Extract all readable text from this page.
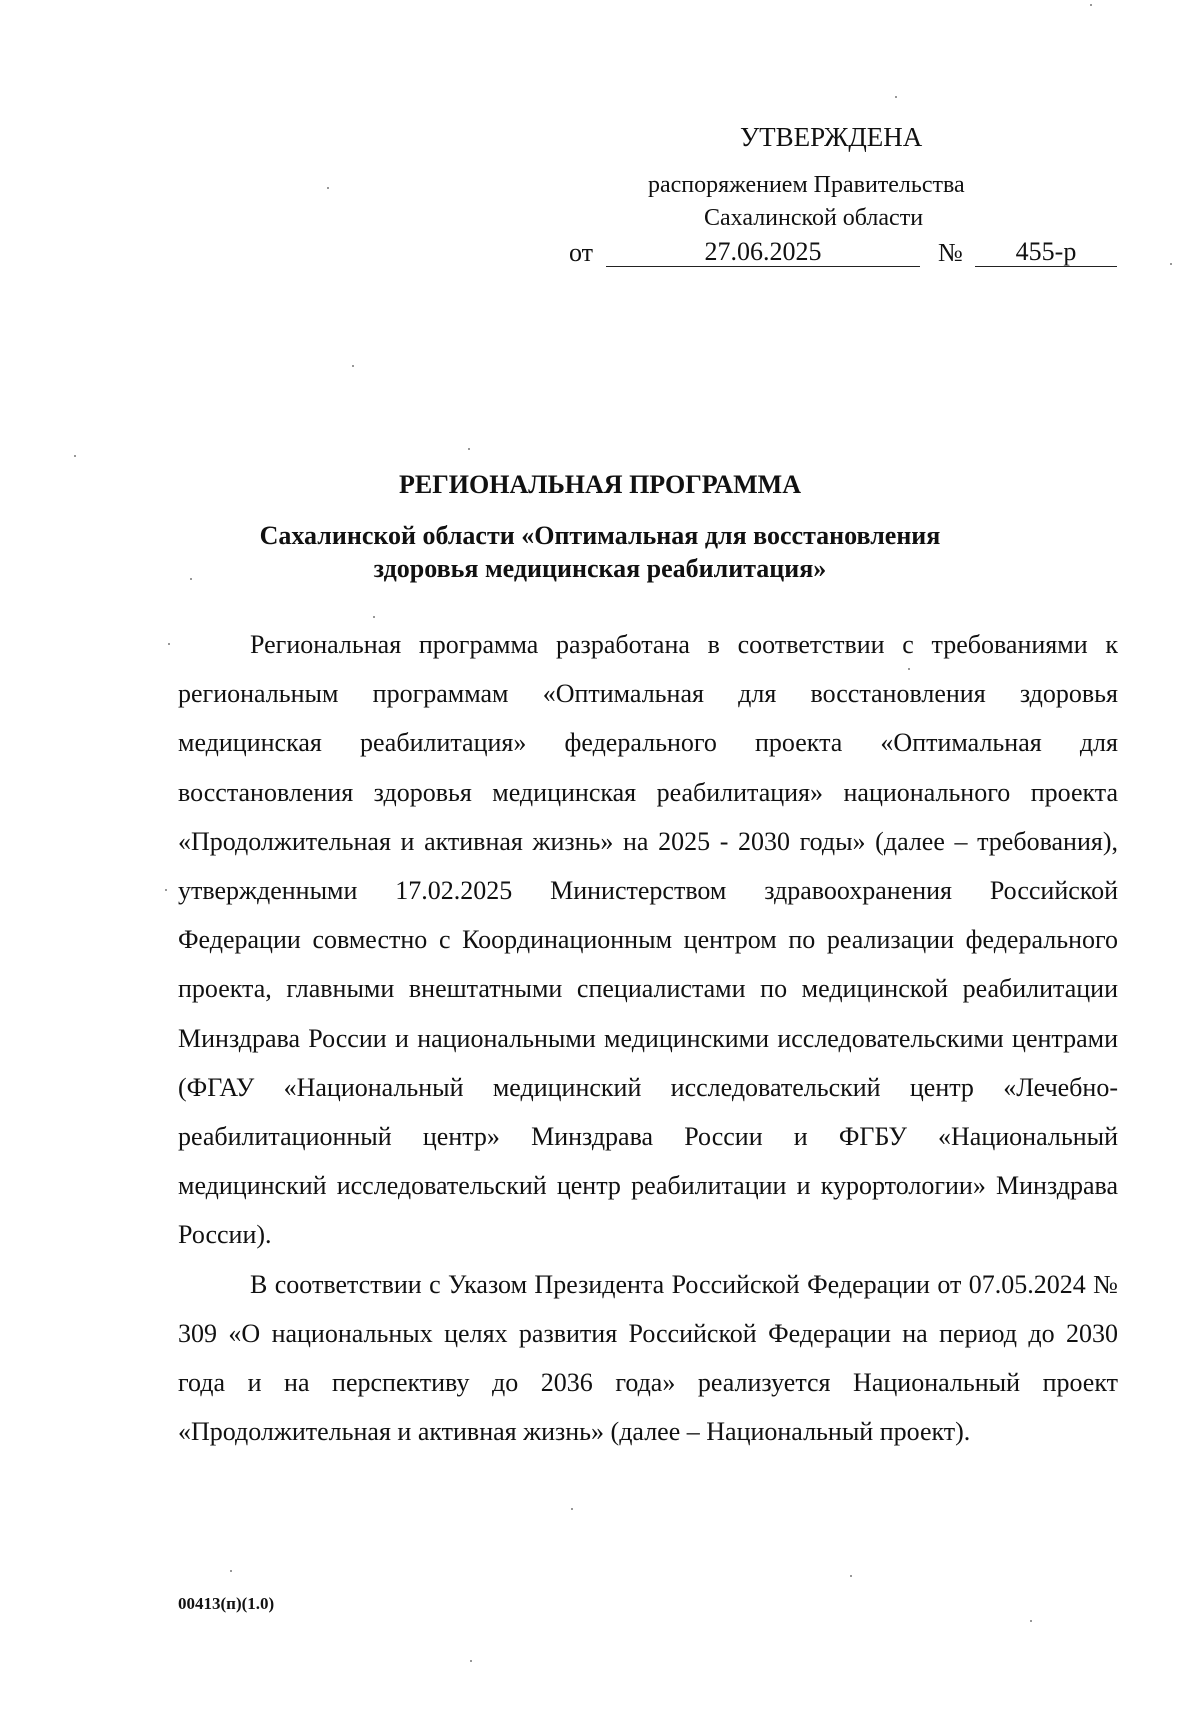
УТВЕРЖДЕНА
распоряжением Правительства
Сахалинской области
от	27.06.2025	№	455-р
РЕГИОНАЛЬНАЯ ПРОГРАММА
Сахалинской области «Оптимальная для восстановления
здоровья медицинская реабилитация»

Региональная программа разработана в соответствии с требованиями к региональным программам «Оптимальная для восстановления здоровья медицинская реабилитация» федерального проекта «Оптимальная для восстановления здоровья медицинская реабилитация» национального проекта «Продолжительная и активная жизнь» на 2025 - 2030 годы» (далее – требования), утвержденными 17.02.2025 Министерством здравоохранения Российской Федерации совместно с Координационным центром по реализации федерального проекта, главными внештатными специалистами по медицинской реабилитации Минздрава России и национальными медицинскими исследовательскими центрами (ФГАУ «Национальный медицинский исследовательский центр «Лечебно-реабилитационный центр» Минздрава России и ФГБУ «Национальный медицинский исследовательский центр реабилитации и курортологии» Минздрава России).

В соответствии с Указом Президента Российской Федерации от 07.05.2024 № 309 «О национальных целях развития Российской Федерации на период до 2030 года и на перспективу до 2036 года» реализуется Национальный проект «Продолжительная и активная жизнь» (далее – Национальный проект).

00413(п)(1.0)
